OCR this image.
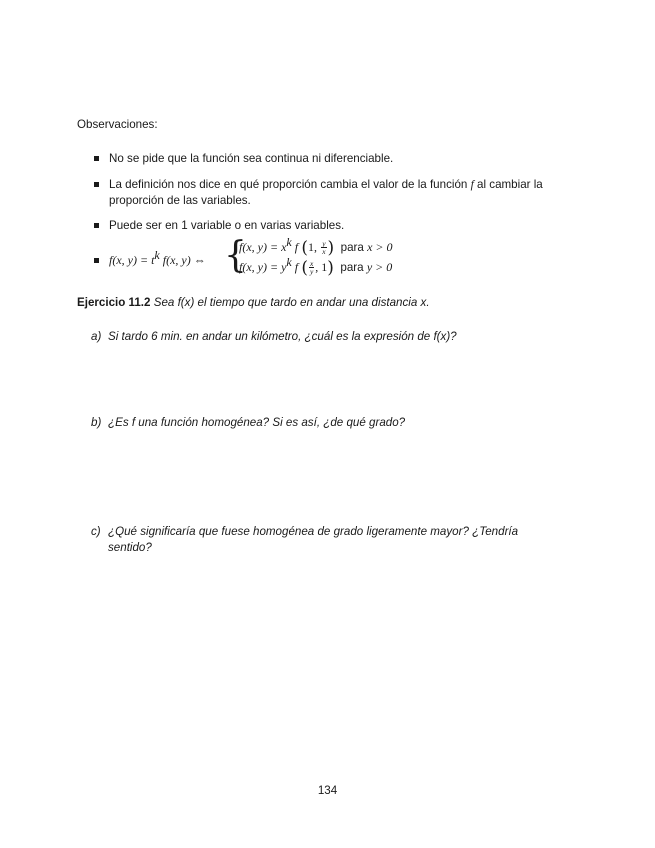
Observaciones:
No se pide que la función sea continua ni diferenciable.
La definición nos dice en qué proporción cambia el valor de la función f al cambiar la proporción de las variables.
Puede ser en 1 variable o en varias variables.
f(x, $y) = t^k$ f(x, y) ⇔ {
f(x, $y) = x^k$ f (1, $\frac{y}{x}$ ) para x > 0
f(x, $y) = y^k$ f ( $\frac{x}{y}$ , 1) para y > 0
Ejercicio 11.2 Sea f(x) el tiempo que tardo en andar una distancia x.
a) Si tardo 6 min. en andar un kilómetro, ¿cuál es la expresión de f(x)?
b) ¿Es f una función homogénea? Si es así, ¿de qué grado?
c) ¿Qué significaría que fuese homogénea de grado ligeramente mayor? ¿Tendría sentido?
134
